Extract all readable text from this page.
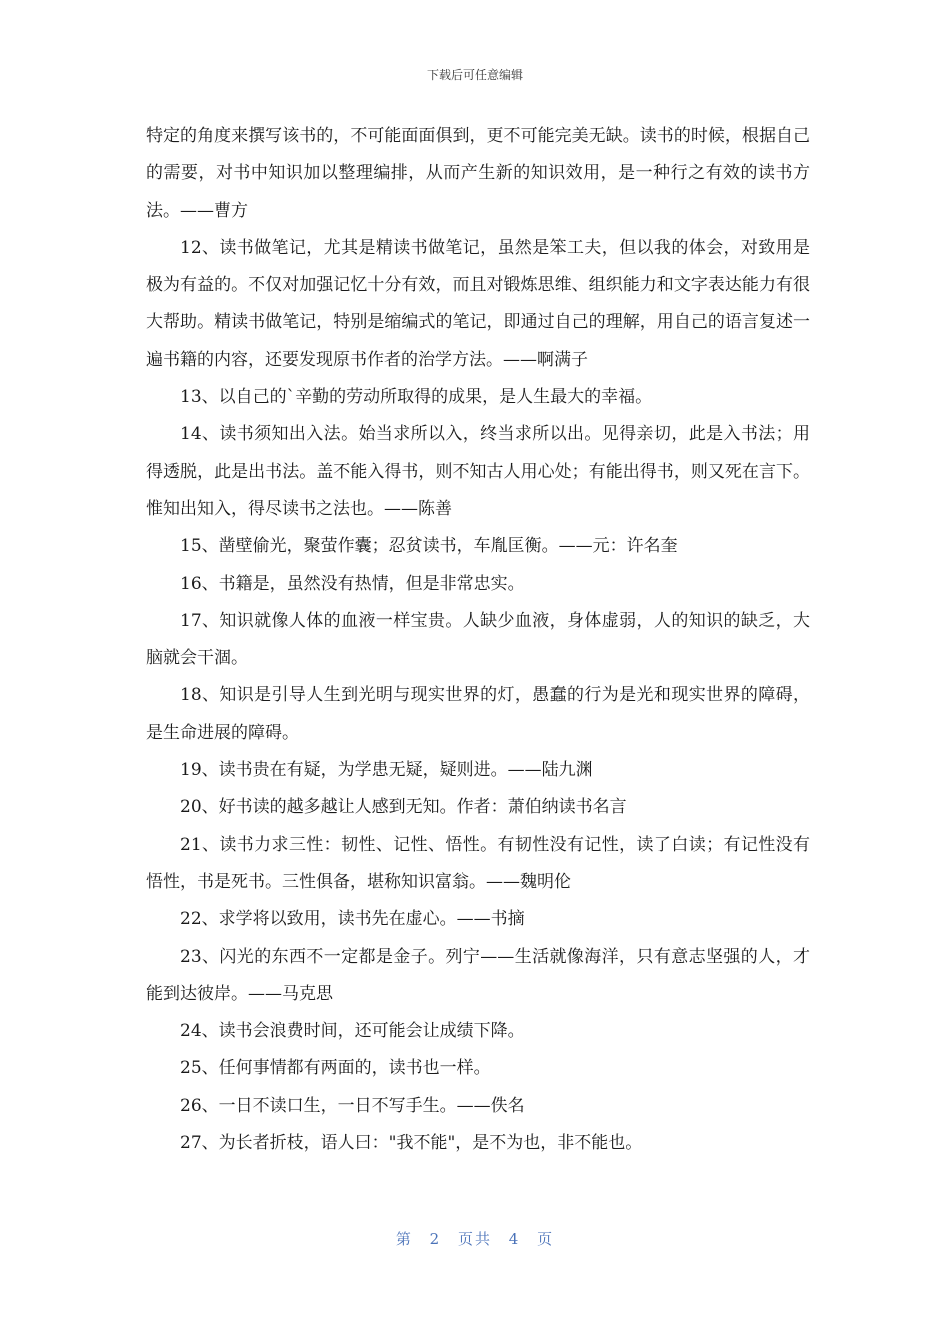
下载后可任意编辑

特定的角度来撰写该书的，不可能面面俱到，更不可能完美无缺。读书的时候，根据自己的需要，对书中知识加以整理编排，从而产生新的知识效用，是一种行之有效的读书方法。——曹方

12、读书做笔记，尤其是精读书做笔记，虽然是笨工夫，但以我的体会，对致用是极为有益的。不仅对加强记忆十分有效，而且对锻炼思维、组织能力和文字表达能力有很大帮助。精读书做笔记，特别是缩编式的笔记，即通过自己的理解，用自己的语言复述一遍书籍的内容，还要发现原书作者的治学方法。——啊满子

13、以自己的`辛勤的劳动所取得的成果，是人生最大的幸福。

14、读书须知出入法。始当求所以入，终当求所以出。见得亲切，此是入书法；用得透脱，此是出书法。盖不能入得书，则不知古人用心处；有能出得书，则又死在言下。惟知出知入，得尽读书之法也。——陈善

15、凿壁偷光，聚萤作囊；忍贫读书，车胤匡衡。——元：许名奎

16、书籍是，虽然没有热情，但是非常忠实。

17、知识就像人体的血液一样宝贵。人缺少血液，身体虚弱，人的知识的缺乏，大脑就会干涸。

18、知识是引导人生到光明与现实世界的灯，愚蠢的行为是光和现实世界的障碍，是生命进展的障碍。

19、读书贵在有疑，为学患无疑，疑则进。——陆九渊

20、好书读的越多越让人感到无知。作者：萧伯纳读书名言

21、读书力求三性：韧性、记性、悟性。有韧性没有记性，读了白读；有记性没有悟性，书是死书。三性俱备，堪称知识富翁。——魏明伦

22、求学将以致用，读书先在虚心。——书摘

23、闪光的东西不一定都是金子。列宁——生活就像海洋，只有意志坚强的人，才能到达彼岸。——马克思

24、读书会浪费时间，还可能会让成绩下降。

25、任何事情都有两面的，读书也一样。

26、一日不读口生，一日不写手生。——佚名

27、为长者折枝，语人曰："我不能"，是不为也，非不能也。

第 2 页共 4 页
